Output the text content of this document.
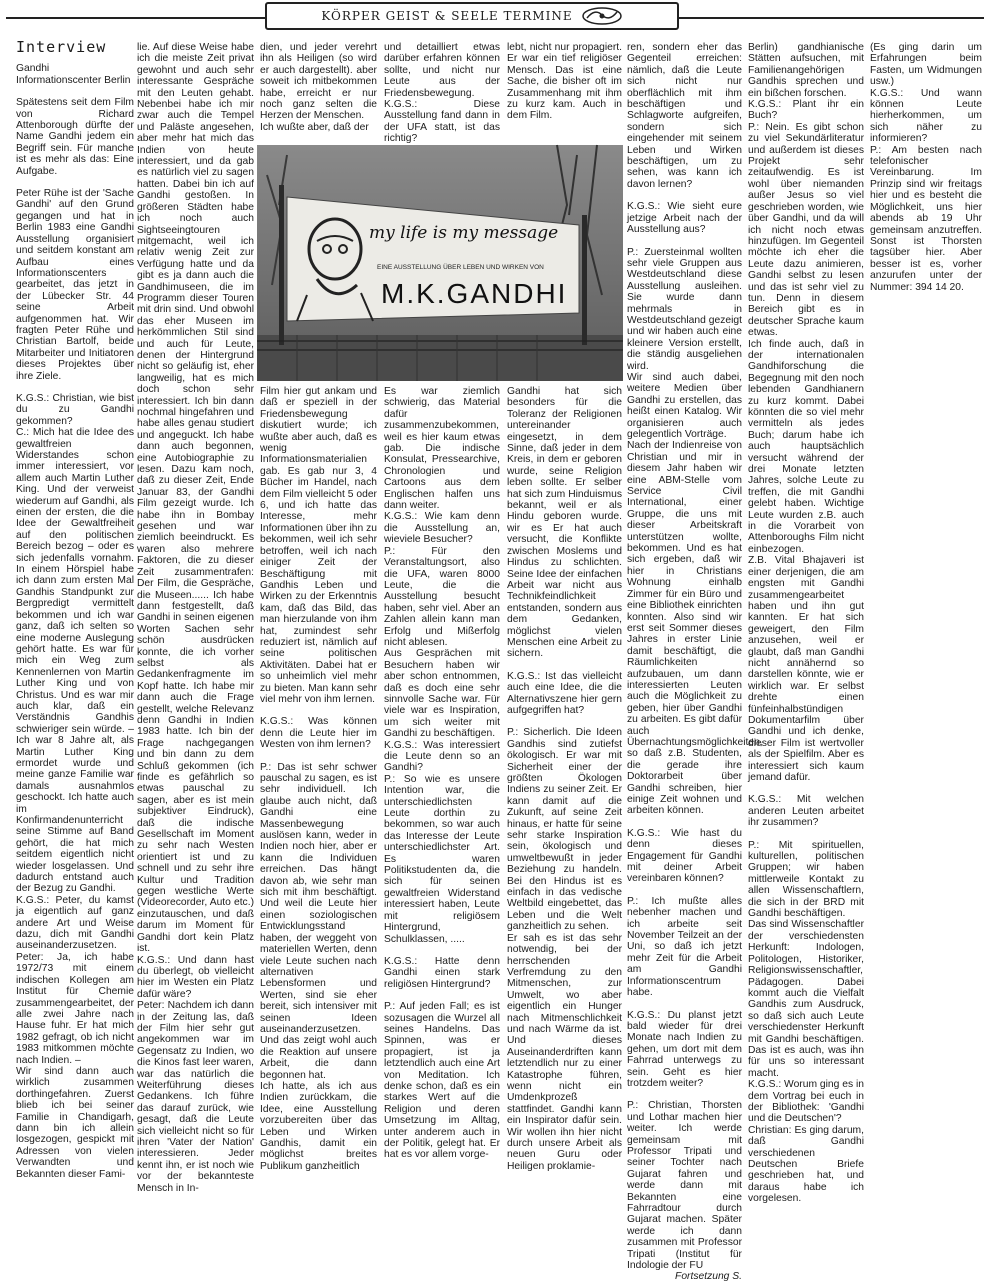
KÖRPER GEIST & SEELE TERMINE
Interview

Gandhi Informationscenter Berlin

Spätestens seit dem Film von Richard Attenborough dürfte der Name Gandhi jedem ein Begriff sein. Für manche ist es mehr als das: Eine Aufgabe.

Peter Rühe ist der 'Sache Gandhi' auf den Grund gegangen und hat in Berlin 1983 eine Gandhi Ausstellung organisiert und seitdem konstant am Aufbau eines Informationscenters gearbeitet, das jetzt in der Lübecker Str. 44 seine Arbeit aufgenommen hat. Wir fragten Peter Rühe und Christian Bartolf, beide Mitarbeiter und Initiatoren dieses Projektes über ihre Ziele.

K.G.S.: Christian, wie bist du zu Gandhi gekommen?
C.: Mich hat die Idee des gewaltfreien Widerstandes schon immer interessiert, vor allem auch Martin Luther King. Und der verweist wiederum auf Gandhi, als einen der ersten, die die Idee der Gewaltfreiheit auf den politischen Bereich bezog – oder es sich jedenfalls vornahm. In einem Hörspiel habe ich dann zum ersten Mal Gandhis Standpunkt zur Bergpredigt vermittelt bekommen und ich war ganz, daß ich selten so eine moderne Auslegung gehört hatte. Es war für mich ein Weg zum Kennenlernen von Martin Luther King und von Christus. Und es war mir auch klar, daß ein Verständnis Gandhis schwieriger sein würde. – Ich war 8 Jahre alt, als Martin Luther King ermordet wurde und meine ganze Familie war damals ausnahmlos geschockt. Ich hatte auch im Konfirmandenunterricht seine Stimme auf Band gehört, die hat mich seitdem eigentlich nicht wieder losgelassen. Und dadurch entstand auch der Bezug zu Gandhi.
K.G.S.: Peter, du kamst ja eigentlich auf ganz andere Art und Weise dazu, dich mit Gandhi auseinanderzusetzen.
Peter: Ja, ich habe 1972/73 mit einem indischen Kollegen am Institut für Chemie zusammengearbeitet, der alle zwei Jahre nach Hause fuhr. Er hat mich 1982 gefragt, ob ich nicht 1983 mitkommen möchte nach Indien. –
Wir sind dann auch wirklich zusammen dorthingefahren. Zuerst blieb ich bei seiner Familie in Chandigarh, dann bin ich allein losgezogen, gespickt mit Adressen von vielen Verwandten und Bekannten dieser Fami-

lie. Auf diese Weise habe ich die meiste Zeit privat gewohnt und auch sehr interessante Gespräche mit den Leuten gehabt. Nebenbei habe ich mir zwar auch die Tempel und Paläste angesehen, aber mehr hat mich das Indien von heute interessiert, und da gab es natürlich viel zu sagen hatten. Dabei bin ich auf Gandhi gestoßen. In größeren Städten habe ich noch auch Sightseeingtouren mitgemacht, weil ich relativ wenig Zeit zur Verfügung hatte und da gibt es ja dann auch die Gandhimuseen, die im Programm dieser Touren mit drin sind. Und obwohl das eher Museen im herkömmlichen Stil sind und auch für Leute, denen der Hintergrund nicht so geläufig ist, eher langweilig, hat es mich doch schon sehr interessiert. Ich bin dann nochmal hingefahren und habe alles genau studiert und angeguckt. Ich habe dann auch begonnen, eine Autobiographie zu lesen. Dazu kam noch, daß zu dieser Zeit, Ende Januar 83, der Gandhi Film gezeigt wurde. Ich habe ihn in Bombay gesehen und war ziemlich beeindruckt. Es waren also mehrere Faktoren, die zu dieser Zeit zusammentrafen: Der Film, die Gespräche, die Museen...... Ich habe dann festgestellt, daß Gandhi in seinen eigenen Worten Sachen sehr schön ausdrücken konnte, die ich vorher selbst als Gedankenfragmente im Kopf hatte. Ich habe mir dann auch die Frage gestellt, welche Relevanz denn Gandhi in Indien 1983 hatte. Ich bin der Frage nachgegangen und bin dann zu dem Schluß gekommen (ich finde es gefährlich so etwas pauschal zu sagen, aber es ist mein subjektiver Eindruck), daß die indische Gesellschaft im Moment zu sehr nach Westen orientiert ist und zu schnell und zu sehr ihre Kultur und Tradition gegen westliche Werte (Videorecorder, Auto etc.) einzutauschen, und daß darum im Moment für Gandhi dort kein Platz ist.
K.G.S.: Und dann hast du überlegt, ob vielleicht hier im Westen ein Platz dafür wäre?
Peter: Nachdem ich dann in der Zeitung las, daß der Film hier sehr gut angekommen war im Gegensatz zu Indien, wo die Kinos fast leer waren, war das natürlich die Weiterführung dieses Gedankens. Ich führe das darauf zurück, wie gesagt, daß die Leute sich vielleicht nicht so für ihren 'Vater der Nation' interessieren. Jeder kennt ihn, er ist noch wie vor der bekannteste Mensch in In-

dien, und jeder verehrt ihn als Heiligen (so wird er auch dargestellt). aber soweit ich mitbekommen habe, erreicht er nur noch ganz selten die Herzen der Menschen.
Ich wußte aber, daß der

Film hier gut ankam und daß er speziell in der Friedensbewegung diskutiert wurde; ich wußte aber auch, daß es wenig Informationsmaterialien gab. Es gab nur 3, 4 Bücher im Handel, nach dem Film vielleicht 5 oder 6, und ich hatte das Interesse, mehr Informationen über ihn zu bekommen, weil ich sehr betroffen, weil ich nach einiger Zeit der Beschäftigung mit Gandhis Leben und Wirken zu der Erkenntnis kam, daß das Bild, das man hierzulande von ihm hat, zumindest sehr reduziert ist, nämlich auf seine politischen Aktivitäten. Dabei hat er so unheimlich viel mehr zu bieten. Man kann sehr viel mehr von ihm lernen.

K.G.S.: Was können denn die Leute hier im Westen von ihm lernen?

P.: Das ist sehr schwer pauschal zu sagen, es ist sehr individuell. Ich glaube auch nicht, daß Gandhi eine Massenbewegung auslösen kann, weder in Indien noch hier, aber er kann die Individuen erreichen. Das hängt davon ab, wie sehr man sich mit ihm beschäftigt. Und weil die Leute hier einen soziologischen Entwicklungsstand haben, der weggeht von materiellen Werten, denn viele Leute suchen nach alternativen Lebensformen und Werten, sind sie eher bereit, sich intensiver mit seinen Ideen auseinanderzusetzen. Und das zeigt wohl auch die Reaktion auf unsere Arbeit, die dann begonnen hat.
Ich hatte, als ich aus Indien zurückkam, die Idee, eine Ausstellung vorzubereiten über das Leben und Wirken Gandhis, damit ein möglichst breites Publikum ganzheitlich

und detailliert etwas darüber erfahren können sollte, und nicht nur Leute aus der Friedensbewegung.
K.G.S.: Diese Ausstellung fand dann in der UFA statt, ist das richtig?

Es war ziemlich schwierig, das Material dafür zusammenzubekommen, weil es hier kaum etwas gab. Die indische Konsulat, Pressearchive, Chronologien und Cartoons aus dem Englischen halfen uns dann weiter.
K.G.S.: Wie kam denn die Ausstellung an, wieviele Besucher?
P.: Für den Veranstaltungsort, also die UFA, waren 8000 Leute, die die Ausstellung besucht haben, sehr viel. Aber an Zahlen allein kann man Erfolg und Mißerfolg nicht ablesen.
Aus Gesprächen mit Besuchern haben wir aber schon entnommen, daß es doch eine sehr sinnvolle Sache war. Für viele war es Inspiration, um sich weiter mit Gandhi zu beschäftigen.
K.G.S.: Was interessiert die Leute denn so an Gandhi?
P.: So wie es unsere Intention war, die unterschiedlichsten Leute dorthin zu bekommen, so war auch das Interesse der Leute unterschiedlichster Art. Es waren Politikstudenten da, die sich für seinen gewaltfreien Widerstand interessiert haben, Leute mit religiösem Hintergrund, Schulklassen, .....

K.G.S.: Hatte denn Gandhi einen stark religiösen Hintergrund?

P.: Auf jeden Fall; es ist sozusagen die Wurzel all seines Handelns. Das Spinnen, was er propagiert, ist ja letztendlich auch eine Art von Meditation. Ich denke schon, daß es ein starkes Wert auf die Religion und deren Umsetzung im Alltag, unter anderem auch in der Politik, gelegt hat. Er hat es vor allem vorge-

lebt, nicht nur propagiert. Er war ein tief religiöser Mensch. Das ist eine Sache, die bisher oft im Zusammenhang mit ihm zu kurz kam. Auch in dem Film.

Gandhi hat sich besonders für die Toleranz der Religionen untereinander eingesetzt, in dem Sinne, daß jeder in dem Kreis, in dem er geboren wurde, seine Religion leben sollte. Er selber hat sich zum Hinduismus bekannt, weil er als Hindu geboren wurde. wir es Er hat auch versucht, die Konflikte zwischen Moslems und Hindus zu schlichten. Seine Idee der einfachen Arbeit war nicht aus Technikfeindlichkeit entstanden, sondern aus dem Gedanken, möglichst vielen Menschen eine Arbeit zu sichern.

K.G.S.: Ist das vielleicht auch eine Idee, die die Alternativszene hier gern aufgegriffen hat?

P.: Sicherlich. Die Ideen Gandhis sind zutiefst ökologisch. Er war mit Sicherheit einer der größten Ökologen Indiens zu seiner Zeit. Er kann damit auf die Zukunft, auf seine Zeit hinaus, er hatte für seine sehr starke Inspiration sein, ökologisch und umweltbewußt in jeder Beziehung zu handeln. Bei den Hindus ist es einfach in das vedische Weltbild eingebettet, das Leben und die Welt ganzheitlich zu sehen.
Er sah es ist das sehr notwendig, bei der herrschenden Verfremdung zu den Mitmenschen, zur Umwelt, wo aber eigentlich ein Hunger nach Mitmenschlichkeit und nach Wärme da ist. Und dieses Auseinanderdriften kann letztendlich nur zu einer Katastrophe führen, wenn nicht ein Umdenkprozeß stattfindet. Gandhi kann ein Inspirator dafür sein. Wir wollen ihn hier nicht durch unsere Arbeit als neuen Guru oder Heiligen proklamie-

my life is my message
EINE AUSSTELLUNG ÜBER LEBEN UND WIRKEN VON
M.K.GANDHI

ren, sondern eher das Gegenteil erreichen: nämlich, daß die Leute sich nicht nur oberflächlich mit ihm beschäftigen und Schlagworte aufgreifen, sondern sich eingehender mit seinem Leben und Wirken beschäftigen, um zu sehen, was kann ich davon lernen?

K.G.S.: Wie sieht eure jetzige Arbeit nach der Ausstellung aus?

P.: Zuersteinmal wollten sehr viele Gruppen aus Westdeutschland diese Ausstellung ausleihen. Sie wurde dann mehrmals in Westdeutschland gezeigt und wir haben auch eine kleinere Version erstellt, die ständig ausgeliehen wird.
Wir sind auch dabei, weitere Medien über Gandhi zu erstellen, das heißt einen Katalog. Wir organisieren auch gelegentlich Vorträge.
Nach der Indienreise von Christian und mir in diesem Jahr haben wir eine ABM-Stelle vom Service Civil International, einer Gruppe, die uns mit dieser Arbeitskraft unterstützen wollte, bekommen. Und es hat sich ergeben, daß wir hier in Christians Wohnung einhalb Zimmer für ein Büro und eine Bibliothek einrichten konnten. Also sind wir erst seit Sommer dieses Jahres in erster Linie damit beschäftigt, die Räumlichkeiten aufzubauen, um dann interessierten Leuten auch die Möglichkeit zu geben, hier über Gandhi zu arbeiten. Es gibt dafür auch Übernachtungsmöglichkeiten, so daß z.B. Studenten, die gerade ihre Doktorarbeit über Gandhi schreiben, hier einige Zeit wohnen und arbeiten können.

K.G.S.: Wie hast du denn dieses Engagement für Gandhi mit deiner Arbeit vereinbaren können?

P.: Ich mußte alles nebenher machen und ich arbeite seit November Teilzeit an der Uni, so daß ich jetzt mehr Zeit für die Arbeit am Gandhi Informationscentrum habe.

K.G.S.: Du planst jetzt bald wieder für drei Monate nach Indien zu gehen, um dort mit dem Fahrrad unterwegs zu sein. Geht es hier trotzdem weiter?

P.: Christian, Thorsten und Lothar machen hier weiter. Ich werde gemeinsam mit Professor Tripati und seiner Tochter nach Gujarat fahren und werde dann mit Bekannten eine Fahrradtour durch Gujarat machen. Später werde ich dann zusammen mit Professor Tripati (Institut für Indologie der FU

Fortsetzung S.

Berlin) gandhianische Stätten aufsuchen, mit Familienangehörigen Gandhis sprechen und ein bißchen forschen.
K.G.S.: Plant ihr ein Buch?
P.: Nein. Es gibt schon zu viel Sekundärliteratur und außerdem ist dieses Projekt sehr zeitaufwendig. Es ist wohl über niemanden außer Jesus so viel geschrieben worden, wie über Gandhi, und da will ich nicht noch etwas hinzufügen. Im Gegenteil möchte ich eher die Leute dazu animieren, Gandhi selbst zu lesen und das ist sehr viel zu tun. Denn in diesem Bereich gibt es in deutscher Sprache kaum etwas.
Ich finde auch, daß in der internationalen Gandhiforschung die Begegnung mit den noch lebenden Gandhianern zu kurz kommt. Dabei könnten die so viel mehr vermitteln als jedes Buch; darum habe ich auch hauptsächlich versucht während der drei Monate letzten Jahres, solche Leute zu treffen, die mit Gandhi gelebt haben. Wichtige Leute wurden z.B. auch in die Vorarbeit von Attenboroughs Film nicht einbezogen.
Z.B. Vital Bhajaveri ist einer derjenigen, die am engsten mit Gandhi zusammengearbeitet haben und ihn gut kannten. Er hat sich geweigert, den Film anzusehen, weil er glaubt, daß man Gandhi nicht annähernd so darstellen könnte, wie er wirklich war. Er selbst drehte einen fünfeinhalbstündigen Dokumentarfilm über Gandhi und ich denke, dieser Film ist wertvoller als der Spielfilm. Aber es interessiert sich kaum jemand dafür.

K.G.S.: Mit welchen anderen Leuten arbeitet ihr zusammen?

P.: Mit spirituellen, kulturellen, politischen Gruppen; wir haben mittlerweile Kontakt zu allen Wissenschaftlern, die sich in der BRD mit Gandhi beschäftigen.
Das sind Wissenschaftler der verschiedensten Herkunft: Indologen, Politologen, Historiker, Religionswissenschaftler, Pädagogen. Dabei kommt auch die Vielfalt Gandhis zum Ausdruck, so daß sich auch Leute verschiedenster Herkunft mit Gandhi beschäftigen. Das ist es auch, was ihn für uns so interessant macht.
K.G.S.: Worum ging es in dem Vortrag bei euch in der Bibliothek: 'Gandhi und die Deutschen'?
Christian: Es ging darum, daß Gandhi verschiedenen Deutschen Briefe geschrieben hat, und daraus habe ich vorgelesen.

(Es ging darin um Erfahrungen beim Fasten, um Widmungen usw.)
K.G.S.: Und wann können Leute hierherkommen, um sich näher zu informieren?
P.: Am besten nach telefonischer Vereinbarung. Im Prinzip sind wir freitags hier und es besteht die Möglichkeit, uns hier abends ab 19 Uhr gemeinsam anzutreffen. Sonst ist Thorsten tagsüber hier. Aber besser ist es, vorher anzurufen unter der Nummer: 394 14 20.
